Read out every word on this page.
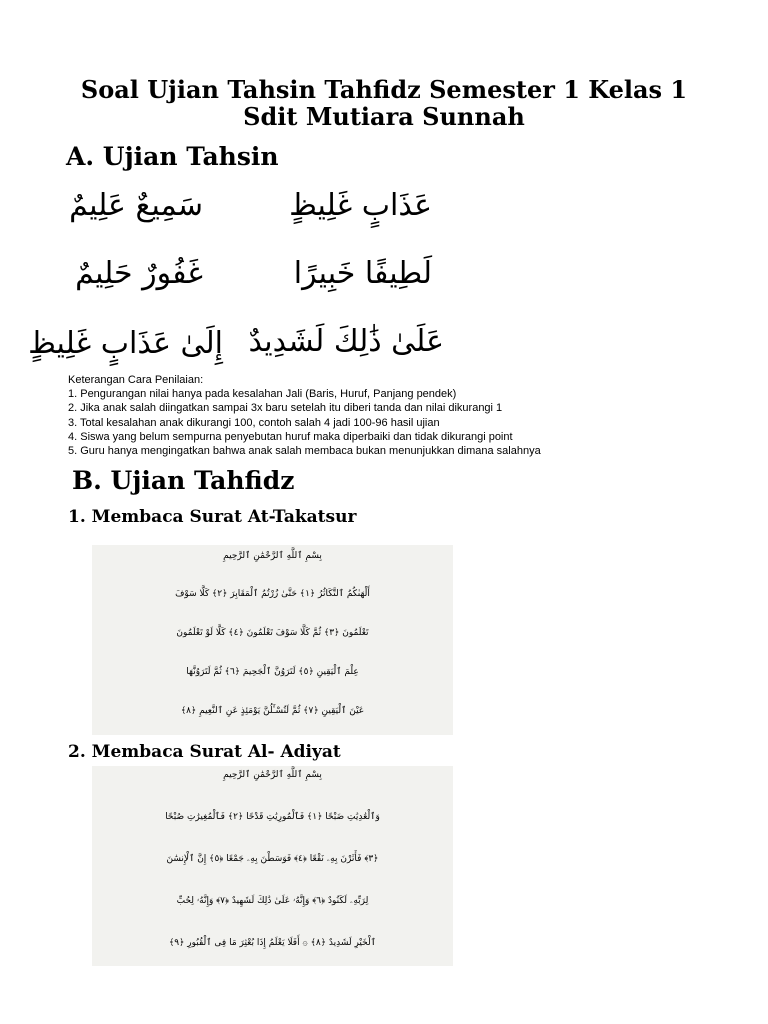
Soal Ujian Tahsin Tahfidz Semester 1 Kelas 1
Sdit Mutiara Sunnah
A. Ujian Tahsin
سَمِيعٌ عَلِيمٌ	عَذَابٍ غَلِيظٍ
غَفُورٌ حَلِيمٌ	لَطِيفًا خَبِيرًا
إِلَىٰ عَذَابٍ غَلِيظٍ عَلَىٰ ذَٰلِكَ لَشَدِيدٌ
Keterangan Cara Penilaian:
1. Pengurangan nilai hanya pada kesalahan Jali (Baris, Huruf, Panjang pendek)
2. Jika anak salah diingatkan sampai 3x baru setelah itu diberi tanda dan nilai dikurangi 1
3. Total kesalahan anak dikurangi 100, contoh salah 4 jadi 100-96 hasil ujian
4. Siswa yang belum sempurna penyebutan huruf maka diperbaiki dan tidak dikurangi point
5. Guru hanya mengingatkan bahwa anak salah membaca bukan menunjukkan dimana salahnya
B. Ujian Tahfidz
1. Membaca Surat At-Takatsur
بِسْمِ ٱللَّهِ ٱلرَّحْمَٰنِ ٱلرَّحِيمِ
أَلْهَىٰكُمُ ٱلتَّكَاثُرُ ﴿١﴾ حَتَّىٰ زُرْتُمُ ٱلْمَقَابِرَ ﴿٢﴾ كَلَّا سَوْفَ
تَعْلَمُونَ ﴿٣﴾ ثُمَّ كَلَّا سَوْفَ تَعْلَمُونَ ﴿٤﴾ كَلَّا لَوْ تَعْلَمُونَ
عِلْمَ ٱلْيَقِينِ ﴿٥﴾ لَتَرَوُنَّ ٱلْجَحِيمَ ﴿٦﴾ ثُمَّ لَتَرَوُنَّهَا
عَيْنَ ٱلْيَقِينِ ﴿٧﴾ ثُمَّ لَتُسْـَٔلُنَّ يَوْمَئِذٍ عَنِ ٱلنَّعِيمِ ﴿٨﴾
2. Membaca Surat Al- Adiyat
بِسْمِ ٱللَّهِ ٱلرَّحْمَٰنِ ٱلرَّحِيمِ
وَٱلْعَٰدِيَٰتِ ضَبْحًا ﴿١﴾ فَٱلْمُورِيَٰتِ قَدْحًا ﴿٢﴾ فَٱلْمُغِيرَٰتِ صُبْحًا
﴿٣﴾ فَأَثَرْنَ بِهِۦ نَقْعًا ﴿٤﴾ فَوَسَطْنَ بِهِۦ جَمْعًا ﴿٥﴾ إِنَّ ٱلْإِنسَٰنَ
لِرَبِّهِۦ لَكَنُودٌ ﴿٦﴾ وَإِنَّهُۥ عَلَىٰ ذَٰلِكَ لَشَهِيدٌ ﴿٧﴾ وَإِنَّهُۥ لِحُبِّ
ٱلْخَيْرِ لَشَدِيدٌ ﴿٨﴾ ۞ أَفَلَا يَعْلَمُ إِذَا بُعْثِرَ مَا فِى ٱلْقُبُورِ ﴿٩﴾
